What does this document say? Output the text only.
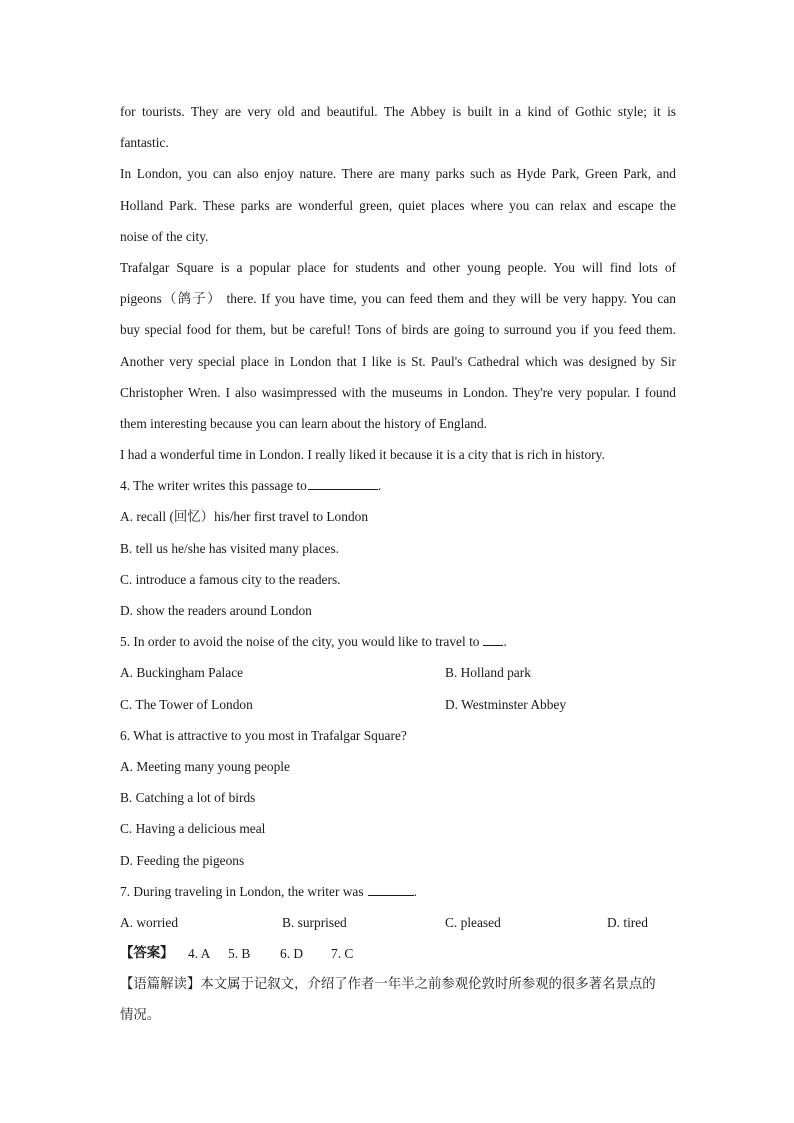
for tourists. They are very old and beautiful. The Abbey is built in a kind of Gothic style; it is
fantastic.
In London, you can also enjoy nature. There are many parks such as Hyde Park, Green Park, and
Holland Park. These parks are wonderful green, quiet places where you can relax and escape the
noise of the city.
Trafalgar Square is a popular place for students and other young people. You will find lots of
pigeons（鸽子） there. If you have time, you can feed them and they will be very happy. You can
buy special food for them, but be careful! Tons of birds are going to surround you if you feed them.
Another very special place in London that I like is St. Paul's Cathedral which was designed by Sir
Christopher Wren. I also wasimpressed with the museums in London. They're very popular. I found
them interesting because you can learn about the history of England.
I had a wonderful time in London. I really liked it because it is a city that is rich in history.
4. The writer writes this passage to	.
A. recall (回忆）his/her first travel to London
B. tell us he/she has visited many places.
C. introduce a famous city to the readers.
D. show the readers around London
5. In order to avoid the noise of the city, you would like to travel to .
A. Buckingham Palace	B. Holland park
C. The Tower of London	D. Westminster Abbey
6. What is attractive to you most in Trafalgar Square?
A. Meeting many young people
B. Catching a lot of birds
C. Having a delicious meal
D. Feeding the pigeons
7. During traveling in London, the writer was	.
A. worried	B. surprised	C. pleased	D. tired
【答案】 4. A 5. B 6. D 7. C
【语篇解读】本文属于记叙文，介绍了作者一年半之前参观伦敦时所参观的很多著名景点的
情况。
